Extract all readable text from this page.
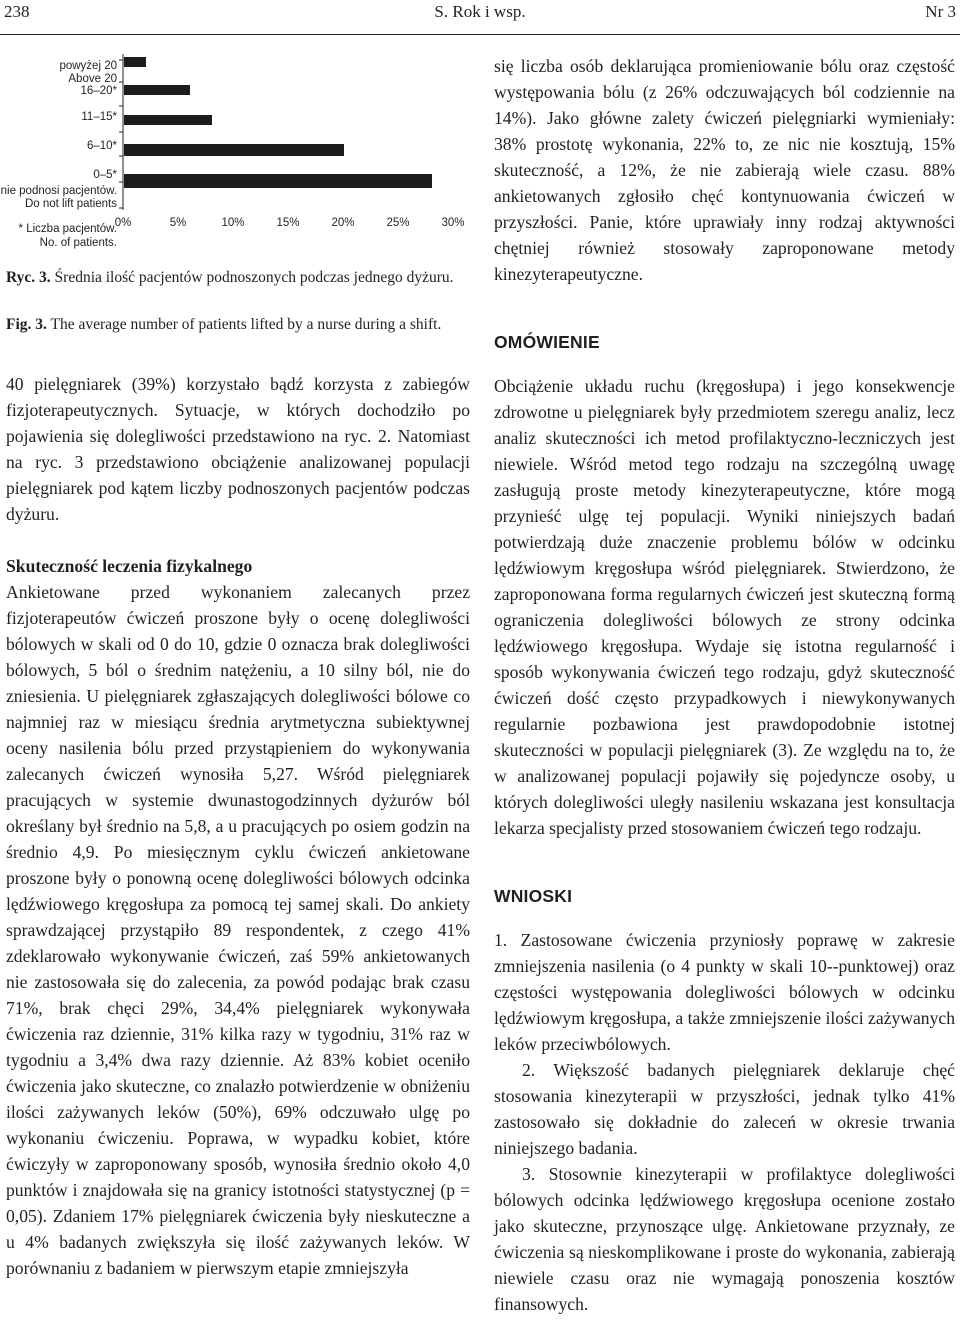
238	S. Rok i wsp.	Nr 3
0–5*
6–10*
11–15*
16–20*
powyżej 20
Above 20
nie podnosi pacjentów.
Do not lift patients
* Liczba pacjentów.
No. of patients.
0%	5%	10%	15%	20%	25%	30%
Ryc. 3. Średnia ilość pacjentów podnoszonych podczas jednego dyżuru.
Fig. 3. The average number of patients lifted by a nurse during a shift.

40 pielęgniarek (39%) korzystało bądź korzysta z zabiegów fizjoterapeutycznych. Sytuacje, w których dochodziło po pojawienia się dolegliwości przedstawiono na ryc. 2. Natomiast na ryc. 3 przedstawiono obciążenie analizowanej populacji pielęgniarek pod kątem liczby podnoszonych pacjentów podczas dyżuru.

Skuteczność leczenia fizykalnego

Ankietowane przed wykonaniem zalecanych przez fizjoterapeutów ćwiczeń proszone były o ocenę dolegliwości bólowych w skali od 0 do 10, gdzie 0 oznacza brak dolegliwości bólowych, 5 ból o średnim natężeniu, a 10 silny ból, nie do zniesienia. U pielęgniarek zgłaszających dolegliwości bólowe co najmniej raz w miesiącu średnia arytmetyczna subiektywnej oceny nasilenia bólu przed przystąpieniem do wykonywania zalecanych ćwiczeń wynosiła 5,27. Wśród pielęgniarek pracujących w systemie dwunastogodzinnych dyżurów ból określany był średnio na 5,8, a u pracujących po osiem godzin na średnio 4,9. Po miesięcznym cyklu ćwiczeń ankietowane proszone były o ponowną ocenę dolegliwości bólowych odcinka lędźwiowego kręgosłupa za pomocą tej samej skali. Do ankiety sprawdzającej przystąpiło 89 respondentek, z czego 41% zdeklarowało wykonywanie ćwiczeń, zaś 59% ankietowanych nie zastosowała się do zalecenia, za powód podając brak czasu 71%, brak chęci 29%, 34,4% pielęgniarek wykonywała ćwiczenia raz dziennie, 31% kilka razy w tygodniu, 31% raz w tygodniu a 3,4% dwa razy dziennie. Aż 83% kobiet oceniło ćwiczenia jako skuteczne, co znalazło potwierdzenie w obniżeniu ilości zażywanych leków (50%), 69% odczuwało ulgę po wykonaniu ćwiczeniu. Poprawa, w wypadku kobiet, które ćwiczyły w zaproponowany sposób, wynosiła średnio około 4,0 punktów i znajdowała się na granicy istotności statystycznej (p = 0,05). Zdaniem 17% pielęgniarek ćwiczenia były nieskuteczne a u 4% badanych zwiększyła się ilość zażywanych leków. W porównaniu z badaniem w pierwszym etapie zmniejszyła

się liczba osób deklarująca promieniowanie bólu oraz częstość występowania bólu (z 26% odczuwających ból codziennie na 14%). Jako główne zalety ćwiczeń pielęgniarki wymieniały: 38% prostotę wykonania, 22% to, ze nic nie kosztują, 15% skuteczność, a 12%, że nie zabierają wiele czasu. 88% ankietowanych zgłosiło chęć kontynuowania ćwiczeń w przyszłości. Panie, które uprawiały inny rodzaj aktywności chętniej również stosowały zaproponowane metody kinezyterapeutyczne.

OMÓWIENIE

Obciążenie układu ruchu (kręgosłupa) i jego konsekwencje zdrowotne u pielęgniarek były przedmiotem szeregu analiz, lecz analiz skuteczności ich metod profilaktyczno-leczniczych jest niewiele. Wśród metod tego rodzaju na szczególną uwagę zasługują proste metody kinezyterapeutyczne, które mogą przynieść ulgę tej populacji. Wyniki niniejszych badań potwierdzają duże znaczenie problemu bólów w odcinku lędźwiowym kręgosłupa wśród pielęgniarek. Stwierdzono, że zaproponowana forma regularnych ćwiczeń jest skuteczną formą ograniczenia dolegliwości bólowych ze strony odcinka lędźwiowego kręgosłupa. Wydaje się istotna regularność i sposób wykonywania ćwiczeń tego rodzaju, gdyż skuteczność ćwiczeń dość często przypadkowych i niewykonywanych regularnie pozbawiona jest prawdopodobnie istotnej skuteczności w populacji pielęgniarek (3). Ze względu na to, że w analizowanej populacji pojawiły się pojedyncze osoby, u których dolegliwości uległy nasileniu wskazana jest konsultacja lekarza specjalisty przed stosowaniem ćwiczeń tego rodzaju.

WNIOSKI

1. Zastosowane ćwiczenia przyniosły poprawę w zakresie zmniejszenia nasilenia (o 4 punkty w skali 10--punktowej) oraz częstości występowania dolegliwości bólowych w odcinku lędźwiowym kręgosłupa, a także zmniejszenie ilości zażywanych leków przeciwbólowych.

2. Większość badanych pielęgniarek deklaruje chęć stosowania kinezyterapii w przyszłości, jednak tylko 41% zastosowało się dokładnie do zaleceń w okresie trwania niniejszego badania.

3. Stosownie kinezyterapii w profilaktyce dolegliwości bólowych odcinka lędźwiowego kręgosłupa ocenione zostało jako skuteczne, przynoszące ulgę. Ankietowane przyznały, ze ćwiczenia są nieskomplikowane i proste do wykonania, zabierają niewiele czasu oraz nie wymagają ponoszenia kosztów finansowych.
